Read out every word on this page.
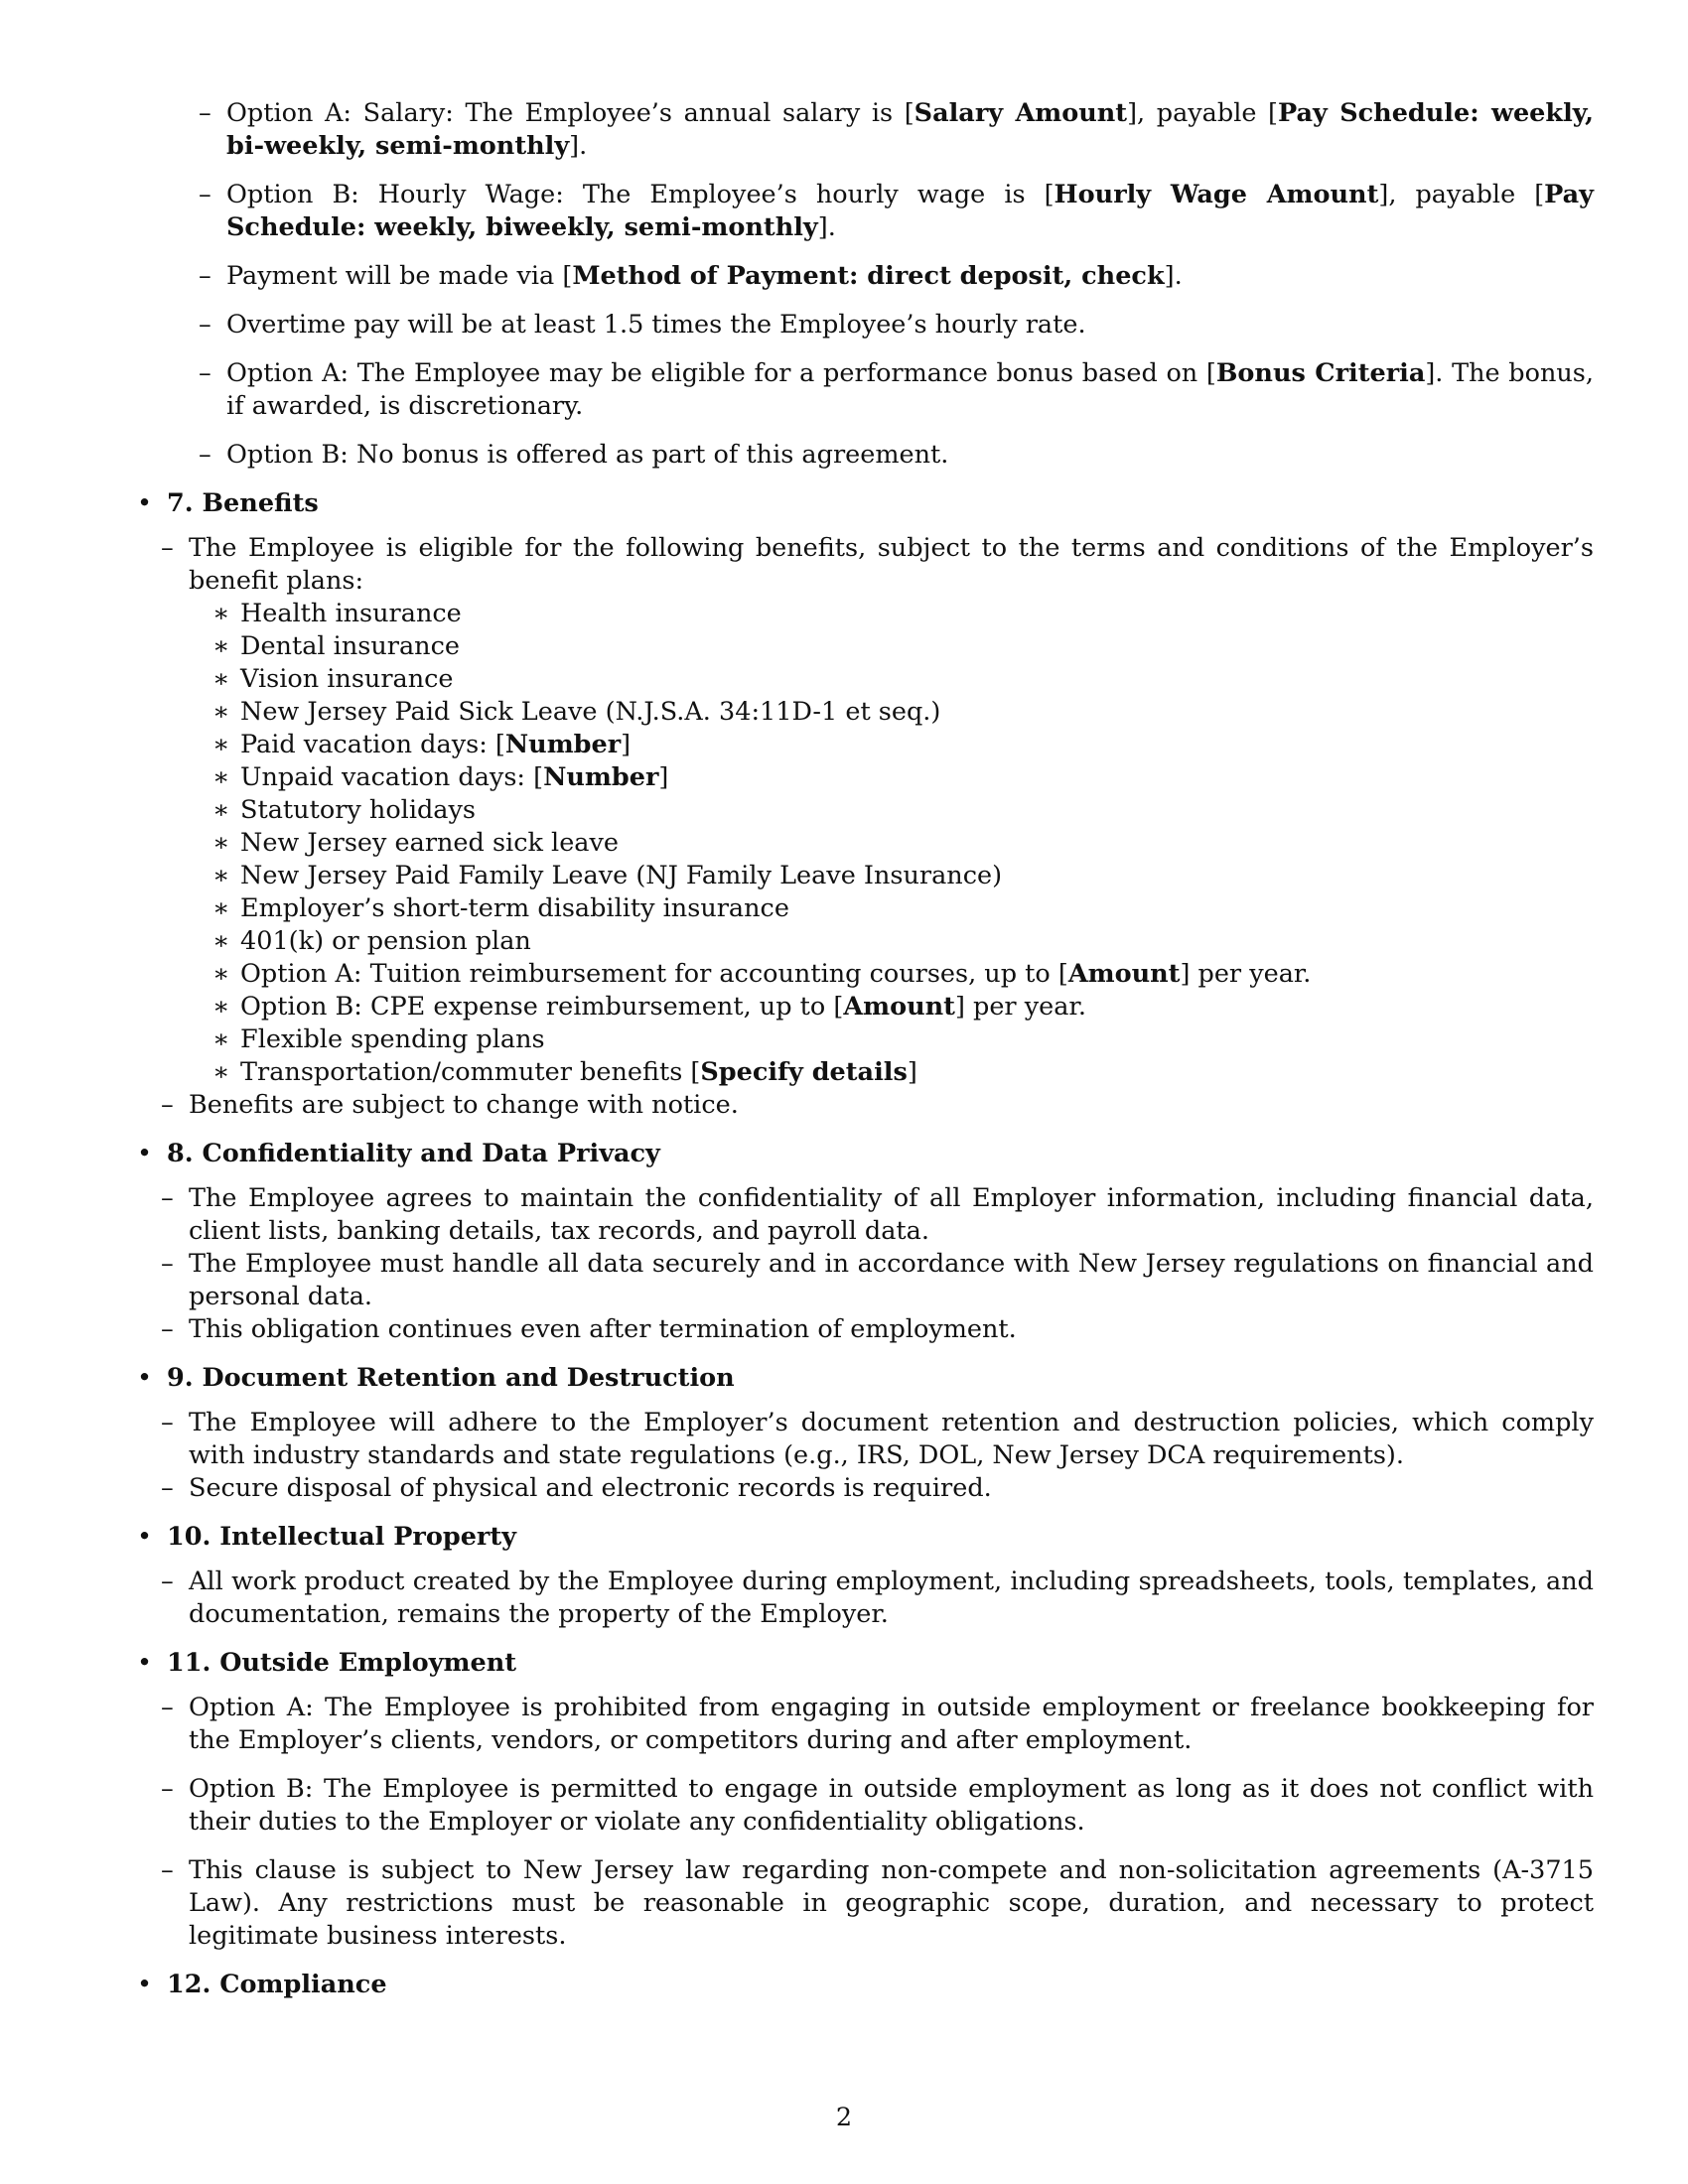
– Option A: Salary: The Employee’s annual salary is [Salary Amount], payable [Pay Schedule: weekly, bi-weekly, semi-monthly].
– Option B: Hourly Wage: The Employee’s hourly wage is [Hourly Wage Amount], payable [Pay Schedule: weekly, biweekly, semi-monthly].
– Payment will be made via [Method of Payment: direct deposit, check].
– Overtime pay will be at least 1.5 times the Employee’s hourly rate.
– Option A: The Employee may be eligible for a performance bonus based on [Bonus Criteria]. The bonus, if awarded, is discretionary.
– Option B: No bonus is offered as part of this agreement.
• 7. Benefits
– The Employee is eligible for the following benefits, subject to the terms and conditions of the Employer’s benefit plans:
∗ Health insurance
∗ Dental insurance
∗ Vision insurance
∗ New Jersey Paid Sick Leave (N.J.S.A. 34:11D-1 et seq.)
∗ Paid vacation days: [Number]
∗ Unpaid vacation days: [Number]
∗ Statutory holidays
∗ New Jersey earned sick leave
∗ New Jersey Paid Family Leave (NJ Family Leave Insurance)
∗ Employer’s short-term disability insurance
∗ 401(k) or pension plan
∗ Option A: Tuition reimbursement for accounting courses, up to [Amount] per year.
∗ Option B: CPE expense reimbursement, up to [Amount] per year.
∗ Flexible spending plans
∗ Transportation/commuter benefits [Specify details]
– Benefits are subject to change with notice.
• 8. Confidentiality and Data Privacy
– The Employee agrees to maintain the confidentiality of all Employer information, including financial data, client lists, banking details, tax records, and payroll data.
– The Employee must handle all data securely and in accordance with New Jersey regulations on financial and personal data.
– This obligation continues even after termination of employment.
• 9. Document Retention and Destruction
– The Employee will adhere to the Employer’s document retention and destruction policies, which comply with industry standards and state regulations (e.g., IRS, DOL, New Jersey DCA requirements).
– Secure disposal of physical and electronic records is required.
• 10. Intellectual Property
– All work product created by the Employee during employment, including spreadsheets, tools, templates, and documentation, remains the property of the Employer.
• 11. Outside Employment
– Option A: The Employee is prohibited from engaging in outside employment or freelance bookkeeping for the Employer’s clients, vendors, or competitors during and after employment.
– Option B: The Employee is permitted to engage in outside employment as long as it does not conflict with their duties to the Employer or violate any confidentiality obligations.
– This clause is subject to New Jersey law regarding non-compete and non-solicitation agreements (A-3715 Law). Any restrictions must be reasonable in geographic scope, duration, and necessary to protect legitimate business interests.
• 12. Compliance
2
